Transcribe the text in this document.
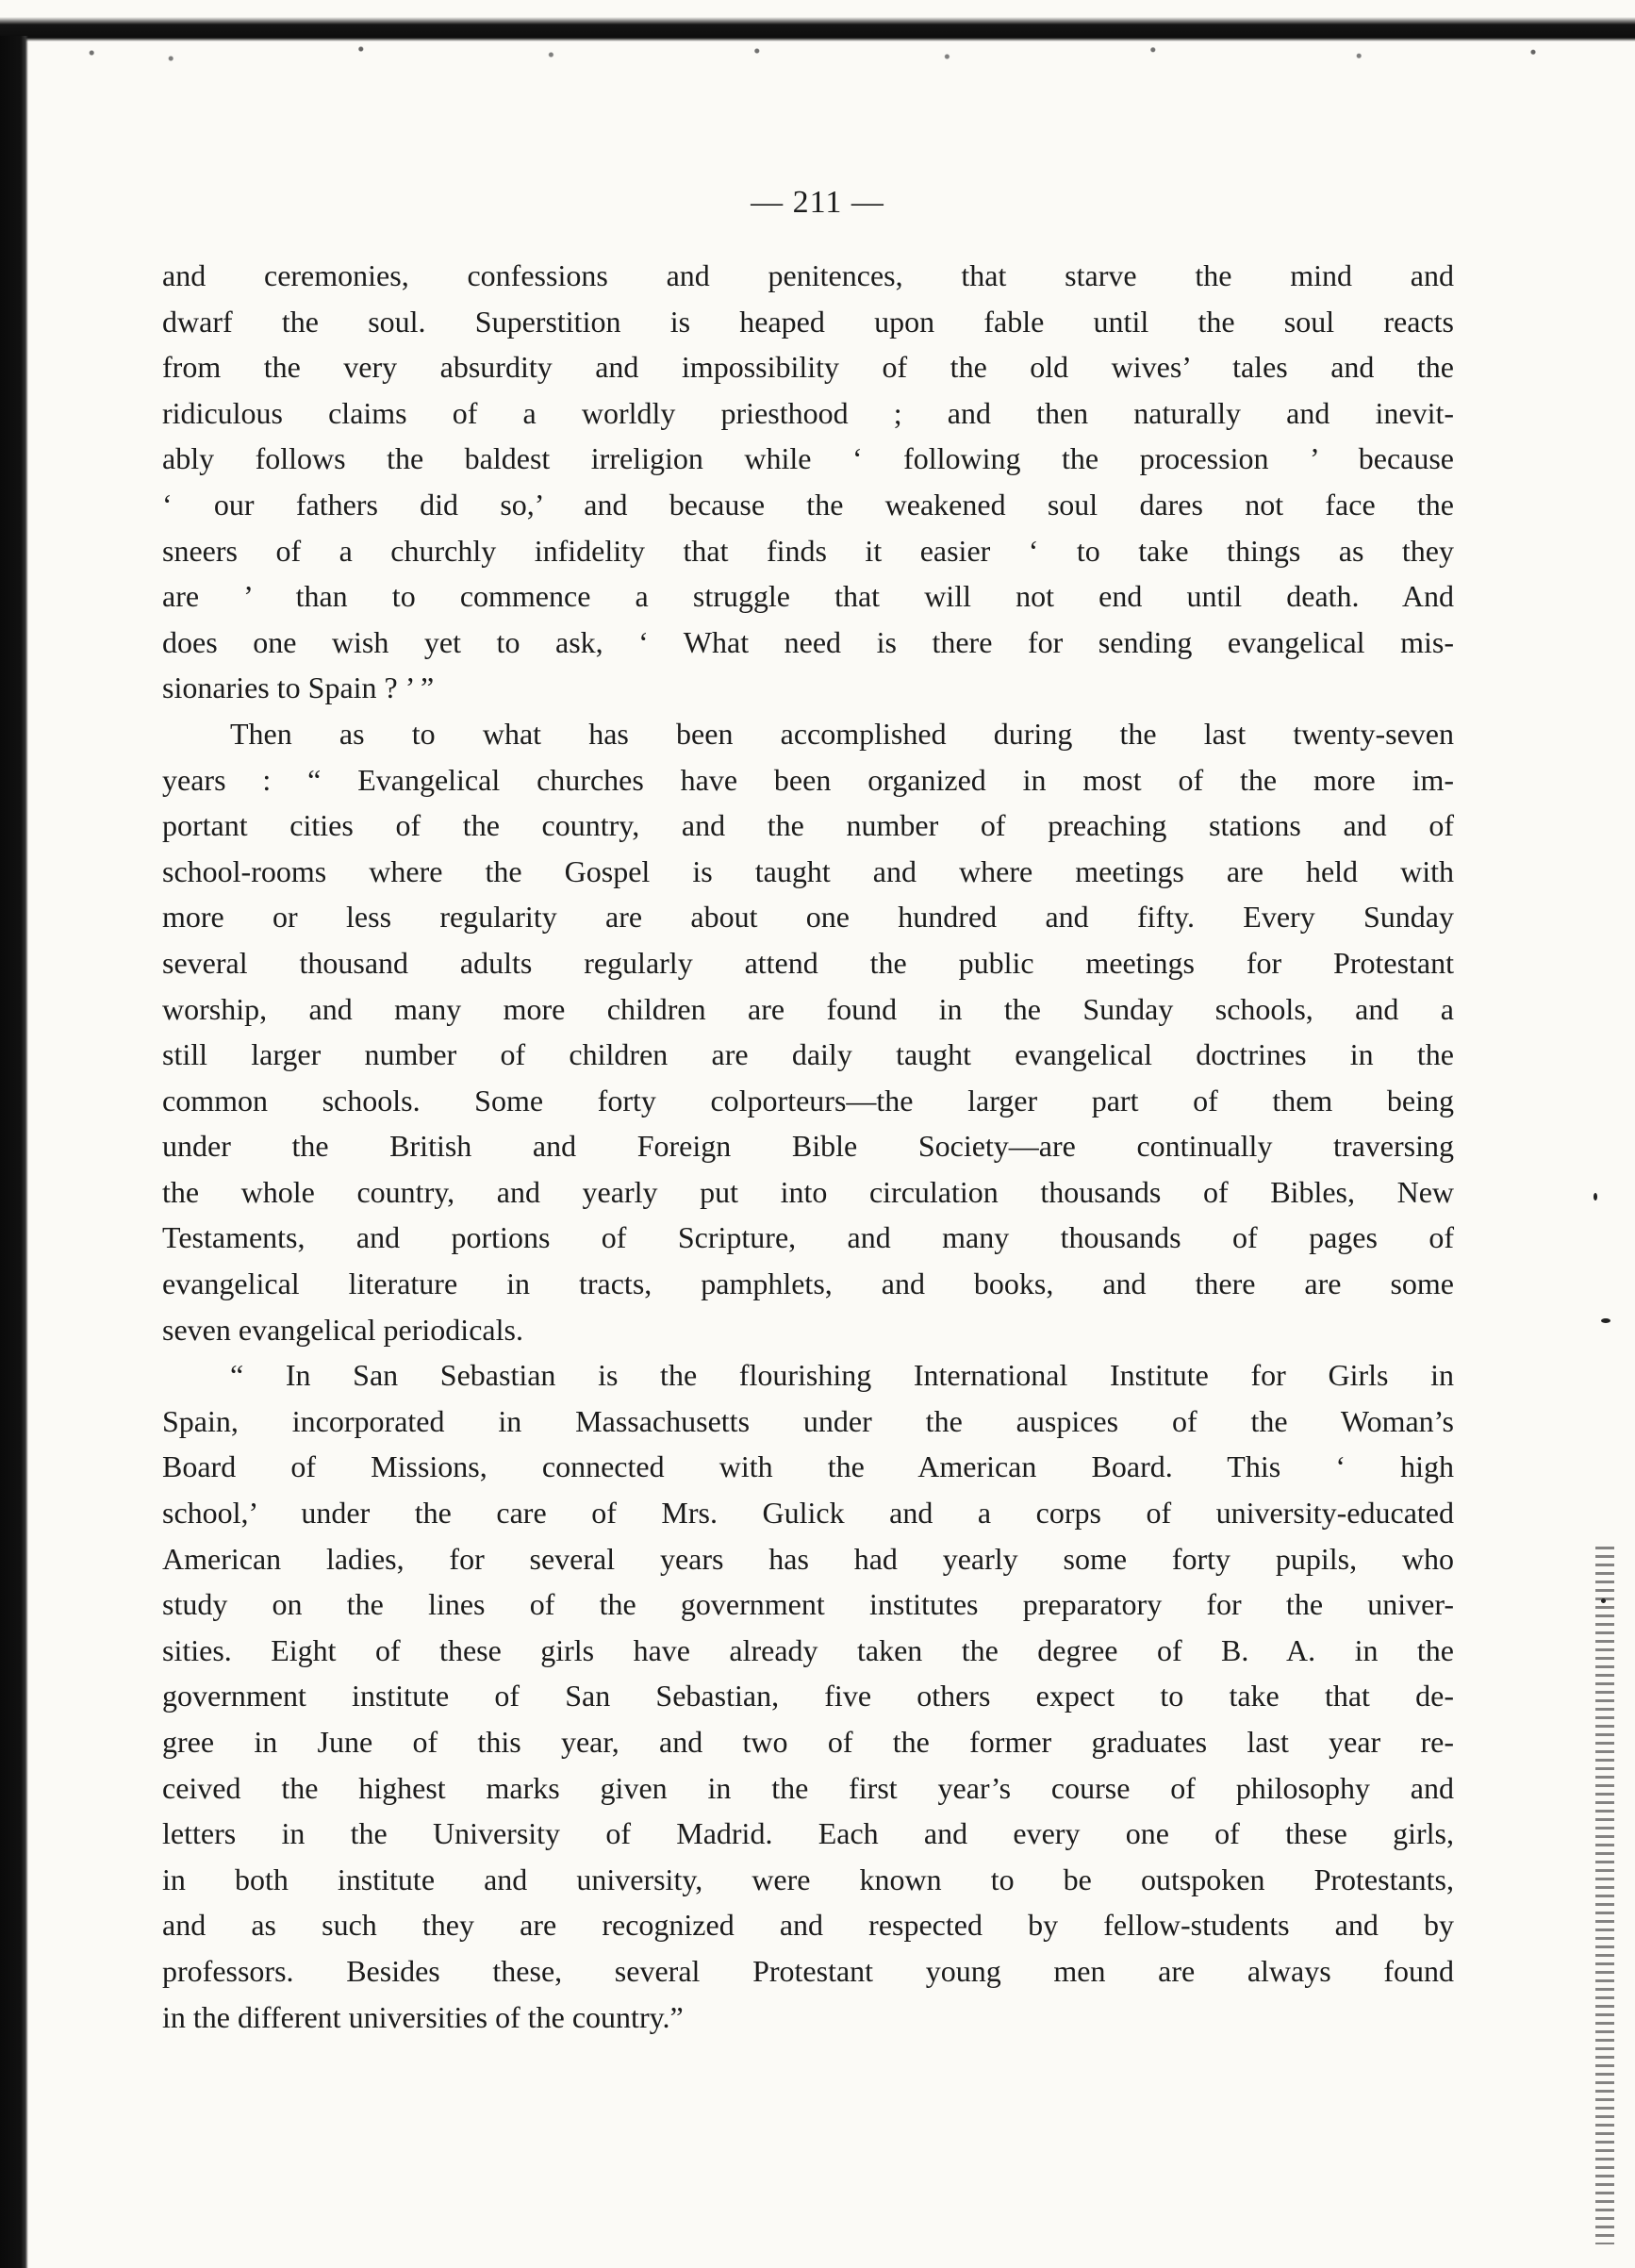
— 211 —
and ceremonies, confessions and penitences, that starve the mind and
dwarf the soul. Superstition is heaped upon fable until the soul reacts
from the very absurdity and impossibility of the old wives’ tales and the
ridiculous claims of a worldly priesthood ; and then naturally and inevit-
ably follows the baldest irreligion while ‘ following the procession ’ because
‘ our fathers did so,’ and because the weakened soul dares not face the
sneers of a churchly infidelity that finds it easier ‘ to take things as they
are ’ than to commence a struggle that will not end until death. And
does one wish yet to ask, ‘ What need is there for sending evangelical mis-
sionaries to Spain ? ’ ”
Then as to what has been accomplished during the last twenty-seven
years : “ Evangelical churches have been organized in most of the more im-
portant cities of the country, and the number of preaching stations and of
school-rooms where the Gospel is taught and where meetings are held with
more or less regularity are about one hundred and fifty. Every Sunday
several thousand adults regularly attend the public meetings for Protestant
worship, and many more children are found in the Sunday schools, and a
still larger number of children are daily taught evangelical doctrines in the
common schools. Some forty colporteurs—the larger part of them being
under the British and Foreign Bible Society—are continually traversing
the whole country, and yearly put into circulation thousands of Bibles, New
Testaments, and portions of Scripture, and many thousands of pages of
evangelical literature in tracts, pamphlets, and books, and there are some
seven evangelical periodicals.
“ In San Sebastian is the flourishing International Institute for Girls in
Spain, incorporated in Massachusetts under the auspices of the Woman’s
Board of Missions, connected with the American Board. This ‘ high
school,’ under the care of Mrs. Gulick and a corps of university-educated
American ladies, for several years has had yearly some forty pupils, who
study on the lines of the government institutes preparatory for the univer-
sities. Eight of these girls have already taken the degree of B. A. in the
government institute of San Sebastian, five others expect to take that de-
gree in June of this year, and two of the former graduates last year re-
ceived the highest marks given in the first year’s course of philosophy and
letters in the University of Madrid. Each and every one of these girls,
in both institute and university, were known to be outspoken Protestants,
and as such they are recognized and respected by fellow-students and by
professors. Besides these, several Protestant young men are always found
in the different universities of the country.”
